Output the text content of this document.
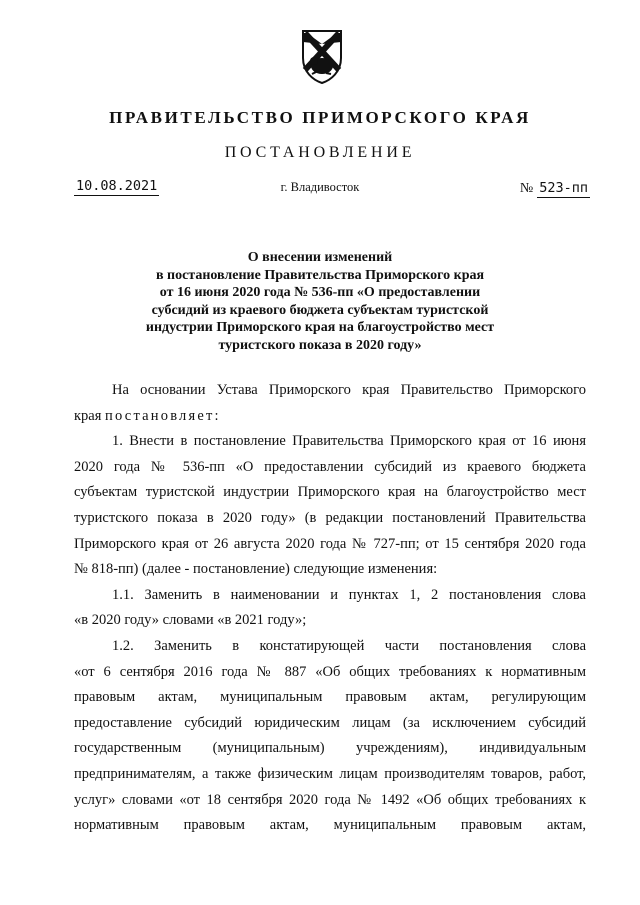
ПРАВИТЕЛЬСТВО ПРИМОРСКОГО КРАЯ
ПОСТАНОВЛЕНИЕ
10.08.2021	г. Владивосток	№ 523-пп
О внесении изменений
в постановление Правительства Приморского края
от 16 июня 2020 года № 536-пп «О предоставлении
субсидий из краевого бюджета субъектам туристской
индустрии Приморского края на благоустройство мест
туристского показа в 2020 году»
На основании Устава Приморского края Правительство Приморского
края постановляет:
1. Внести в постановление Правительства Приморского края от 16 июня
2020 года № 536-пп «О предоставлении субсидий из краевого бюджета
субъектам туристской индустрии Приморского края на благоустройство мест
туристского показа в 2020 году» (в редакции постановлений Правительства
Приморского края от 26 августа 2020 года № 727-пп; от 15 сентября 2020 года
№ 818-пп) (далее - постановление) следующие изменения:
1.1. Заменить в наименовании и пунктах 1, 2 постановления слова
«в 2020 году» словами «в 2021 году»;
1.2. Заменить в констатирующей части постановления слова
«от 6 сентября 2016 года № 887 «Об общих требованиях к нормативным
правовым актам, муниципальным правовым актам, регулирующим
предоставление субсидий юридическим лицам (за исключением субсидий
государственным (муниципальным) учреждениям), индивидуальным
предпринимателям, а также физическим лицам производителям товаров, работ,
услуг» словами «от 18 сентября 2020 года № 1492 «Об общих требованиях к
нормативным правовым актам, муниципальным правовым актам,
